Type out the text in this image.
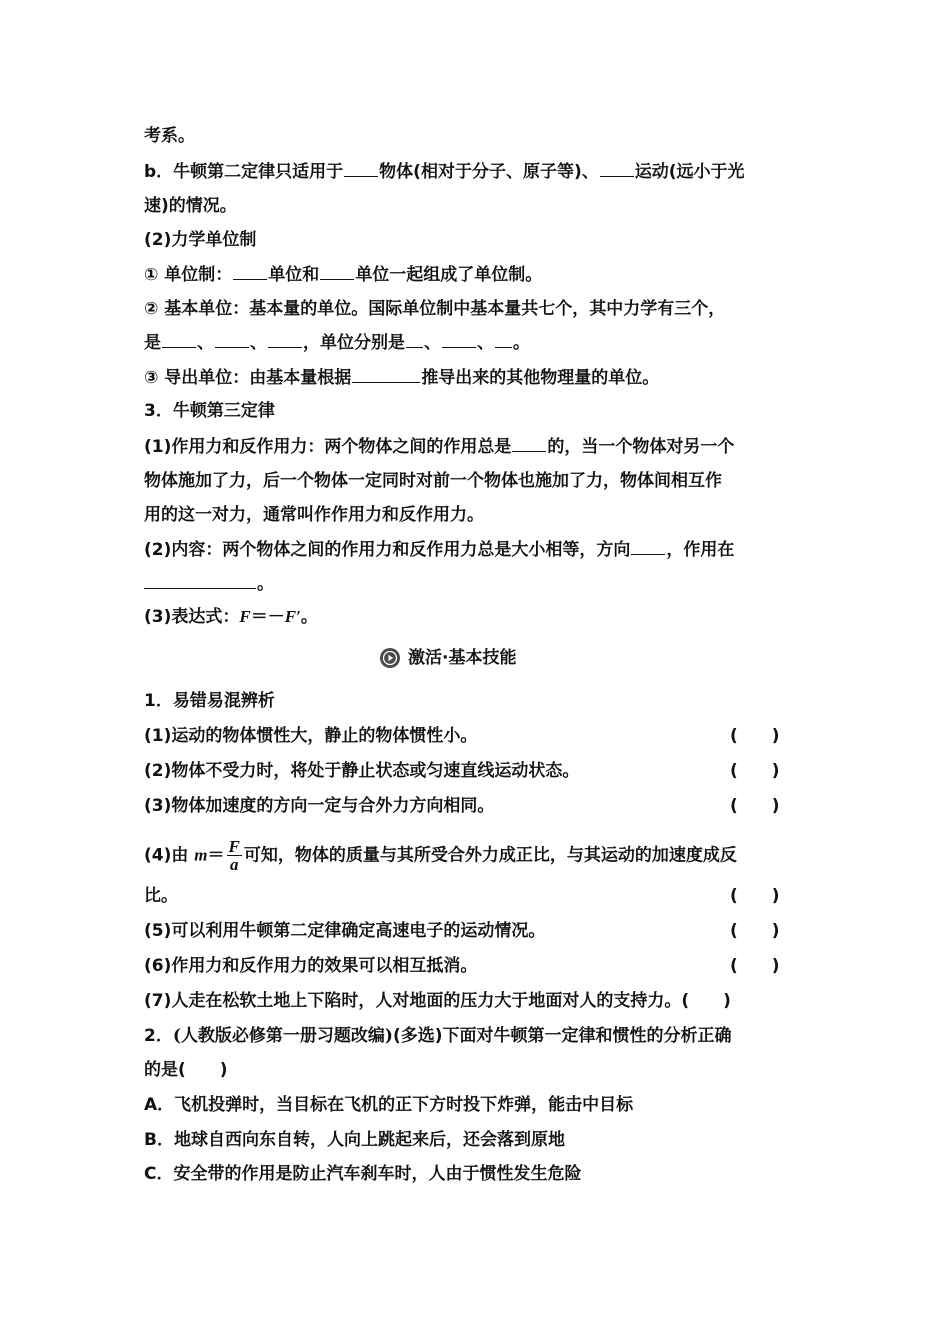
考系。
b．牛顿第二定律只适用于 物体(相对于分子、原子等)、 运动(远小于光
速)的情况。
(2)力学单位制
① 单位制： 单位和 单位一起组成了单位制。
② 基本单位：基本量的单位。国际单位制中基本量共七个，其中力学有三个，
是 、 、 ，单位分别是 、 、 。
③ 导出单位：由基本量根据	推导出来的其他物理量的单位。
3．牛顿第三定律
(1)作用力和反作用力：两个物体之间的作用总是 的，当一个物体对另一个
物体施加了力，后一个物体一定同时对前一个物体也施加了力，物体间相互作
用的这一对力，通常叫作作用力和反作用力。
(2)内容：两个物体之间的作用力和反作用力总是大小相等，方向 ，作用在
。
(3)表达式：F＝－F′。
激活·基本技能
1．易错易混辨析
(1)运动的物体惯性大，静止的物体惯性小。	(　　)
(2)物体不受力时，将处于静止状态或匀速直线运动状态。	(　　)
(3)物体加速度的方向一定与合外力方向相同。	(　　)
(4)由 $m= \frac{F}{a}$ 可知，物体的质量与其所受合外力成正比，与其运动的加速度成反
比。	(　　)
(5)可以利用牛顿第二定律确定高速电子的运动情况。	(　　)
(6)作用力和反作用力的效果可以相互抵消。	(　　)
(7)人走在松软土地上下陷时，人对地面的压力大于地面对人的支持力。(　　)
2．(人教版必修第一册习题改编)(多选)下面对牛顿第一定律和惯性的分析正确
的是(　　)
A．飞机投弹时，当目标在飞机的正下方时投下炸弹，能击中目标
B．地球自西向东自转，人向上跳起来后，还会落到原地
C．安全带的作用是防止汽车刹车时，人由于惯性发生危险
